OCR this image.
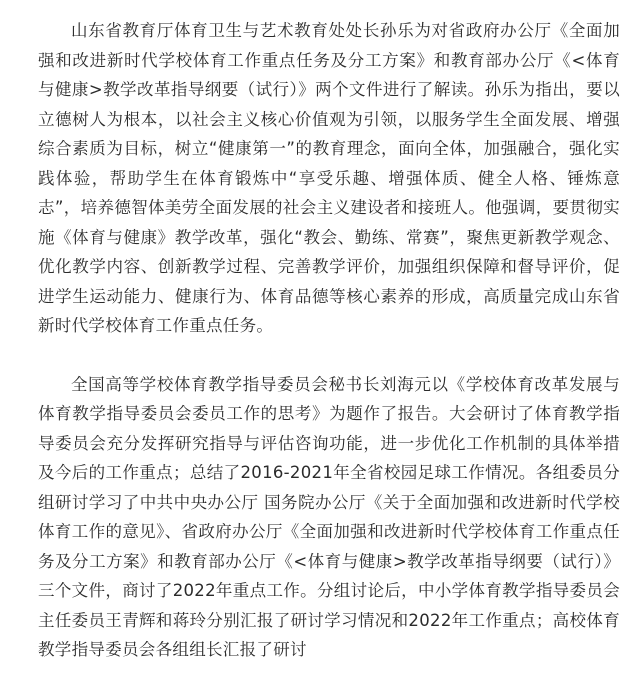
山东省教育厅体育卫生与艺术教育处处长孙乐为对省政府办公厅《全面加强和改进新时代学校体育工作重点任务及分工方案》和教育部办公厅《<体育与健康>教学改革指导纲要（试行）》两个文件进行了解读。孙乐为指出，要以立德树人为根本，以社会主义核心价值观为引领，以服务学生全面发展、增强综合素质为目标，树立“健康第一”的教育理念，面向全体，加强融合，强化实践体验，帮助学生在体育锻炼中“享受乐趣、增强体质、健全人格、锤炼意志”，培养德智体美劳全面发展的社会主义建设者和接班人。他强调，要贯彻实施《体育与健康》教学改革，强化“教会、勤练、常赛”，聚焦更新教学观念、优化教学内容、创新教学过程、完善教学评价，加强组织保障和督导评价，促进学生运动能力、健康行为、体育品德等核心素养的形成，高质量完成山东省新时代学校体育工作重点任务。

全国高等学校体育教学指导委员会秘书长刘海元以《学校体育改革发展与体育教学指导委员会委员工作的思考》为题作了报告。大会研讨了体育教学指导委员会充分发挥研究指导与评估咨询功能，进一步优化工作机制的具体举措及今后的工作重点；总结了2016-2021年全省校园足球工作情况。各组委员分组研讨学习了中共中央办公厅 国务院办公厅《关于全面加强和改进新时代学校体育工作的意见》、省政府办公厅《全面加强和改进新时代学校体育工作重点任务及分工方案》和教育部办公厅《<体育与健康>教学改革指导纲要（试行）》三个文件，商讨了2022年重点工作。分组讨论后，中小学体育教学指导委员会主任委员王青辉和蒋玲分别汇报了研讨学习情况和2022年工作重点；高校体育教学指导委员会各组组长汇报了研讨
